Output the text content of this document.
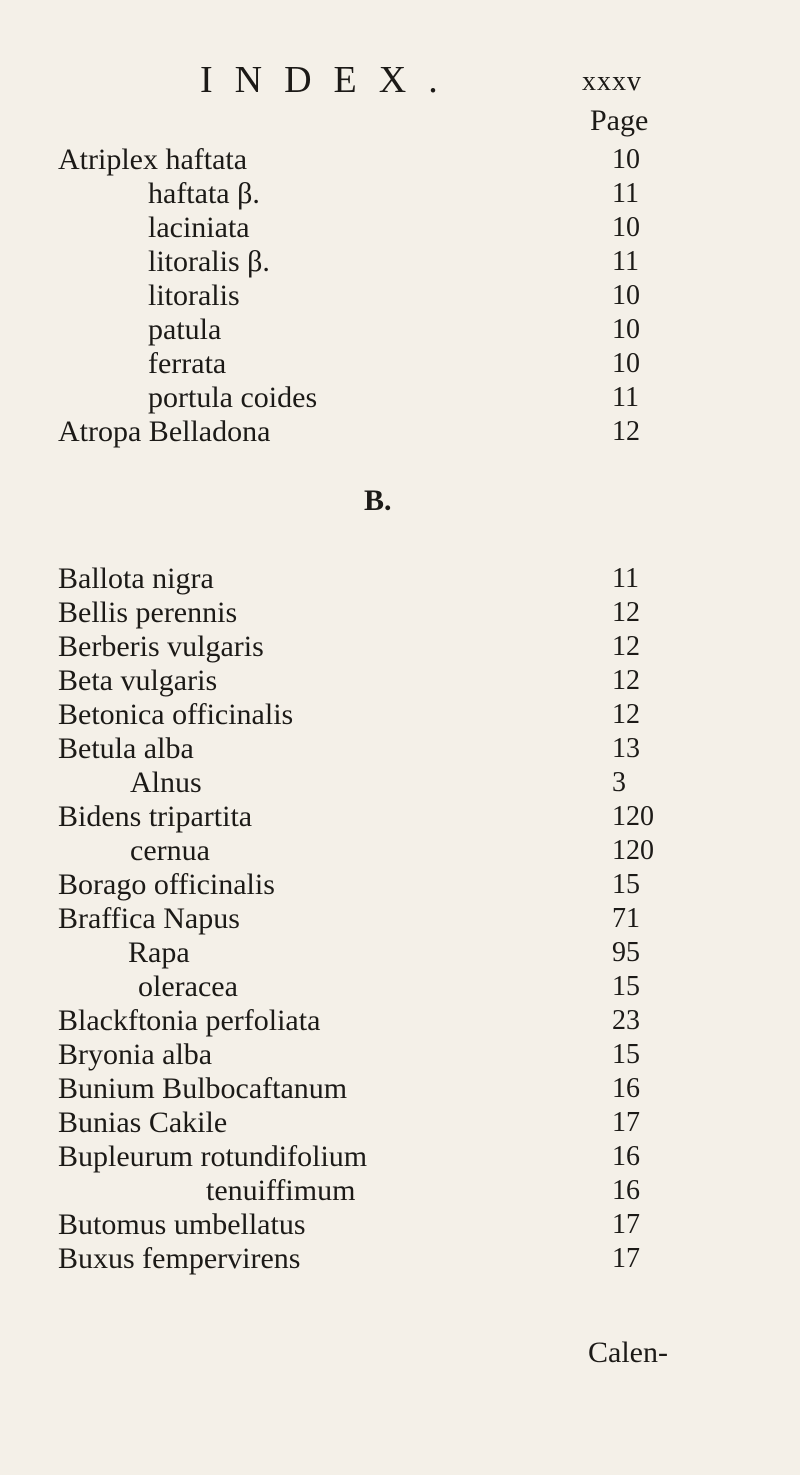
INDEX.	xxxv
Page
Atriplex haftata	10
haftata β.	11
laciniata	10
litoralis β.	11
litoralis	10
patula	10
ferrata	10
portula coides	11
Atropa Belladona	12
B.
Ballota nigra	11
Bellis perennis	12
Berberis vulgaris	12
Beta vulgaris	12
Betonica officinalis	12
Betula alba	13
Alnus	3
Bidens tripartita	120
cernua	120
Borago officinalis	15
Braffica Napus	71
Rapa	95
oleracea	15
Blackftonia perfoliata	23
Bryonia alba	15
Bunium Bulbocaftanum	16
Bunias Cakile	17
Bupleurum rotundifolium	16
tenuiffimum	16
Butomus umbellatus	17
Buxus fempervirens	17
Calen-
